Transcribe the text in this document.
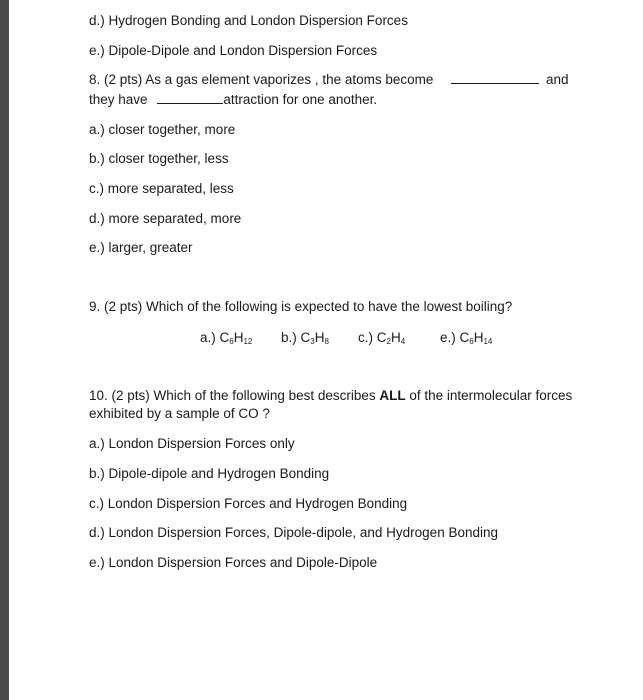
d.) Hydrogen Bonding and London Dispersion Forces
e.) Dipole-Dipole and London Dispersion Forces
8. (2 pts) As a gas element vaporizes , the atoms become	and
they have	attraction for one another.
a.) closer together, more
b.) closer together, less
c.) more separated, less
d.) more separated, more
e.) larger, greater
9. (2 pts) Which of the following is expected to have the lowest boiling?
a.) $C_6H_{12}$ b.) $C_3H_8$ c.) $C_2H_4$	e.) $C_6H_{14}$
10. (2 pts) Which of the following best describes ALL of the intermolecular forces
exhibited by a sample of CO ?
a.) London Dispersion Forces only
b.) Dipole-dipole and Hydrogen Bonding
c.) London Dispersion Forces and Hydrogen Bonding
d.) London Dispersion Forces, Dipole-dipole, and Hydrogen Bonding
e.) London Dispersion Forces and Dipole-Dipole
